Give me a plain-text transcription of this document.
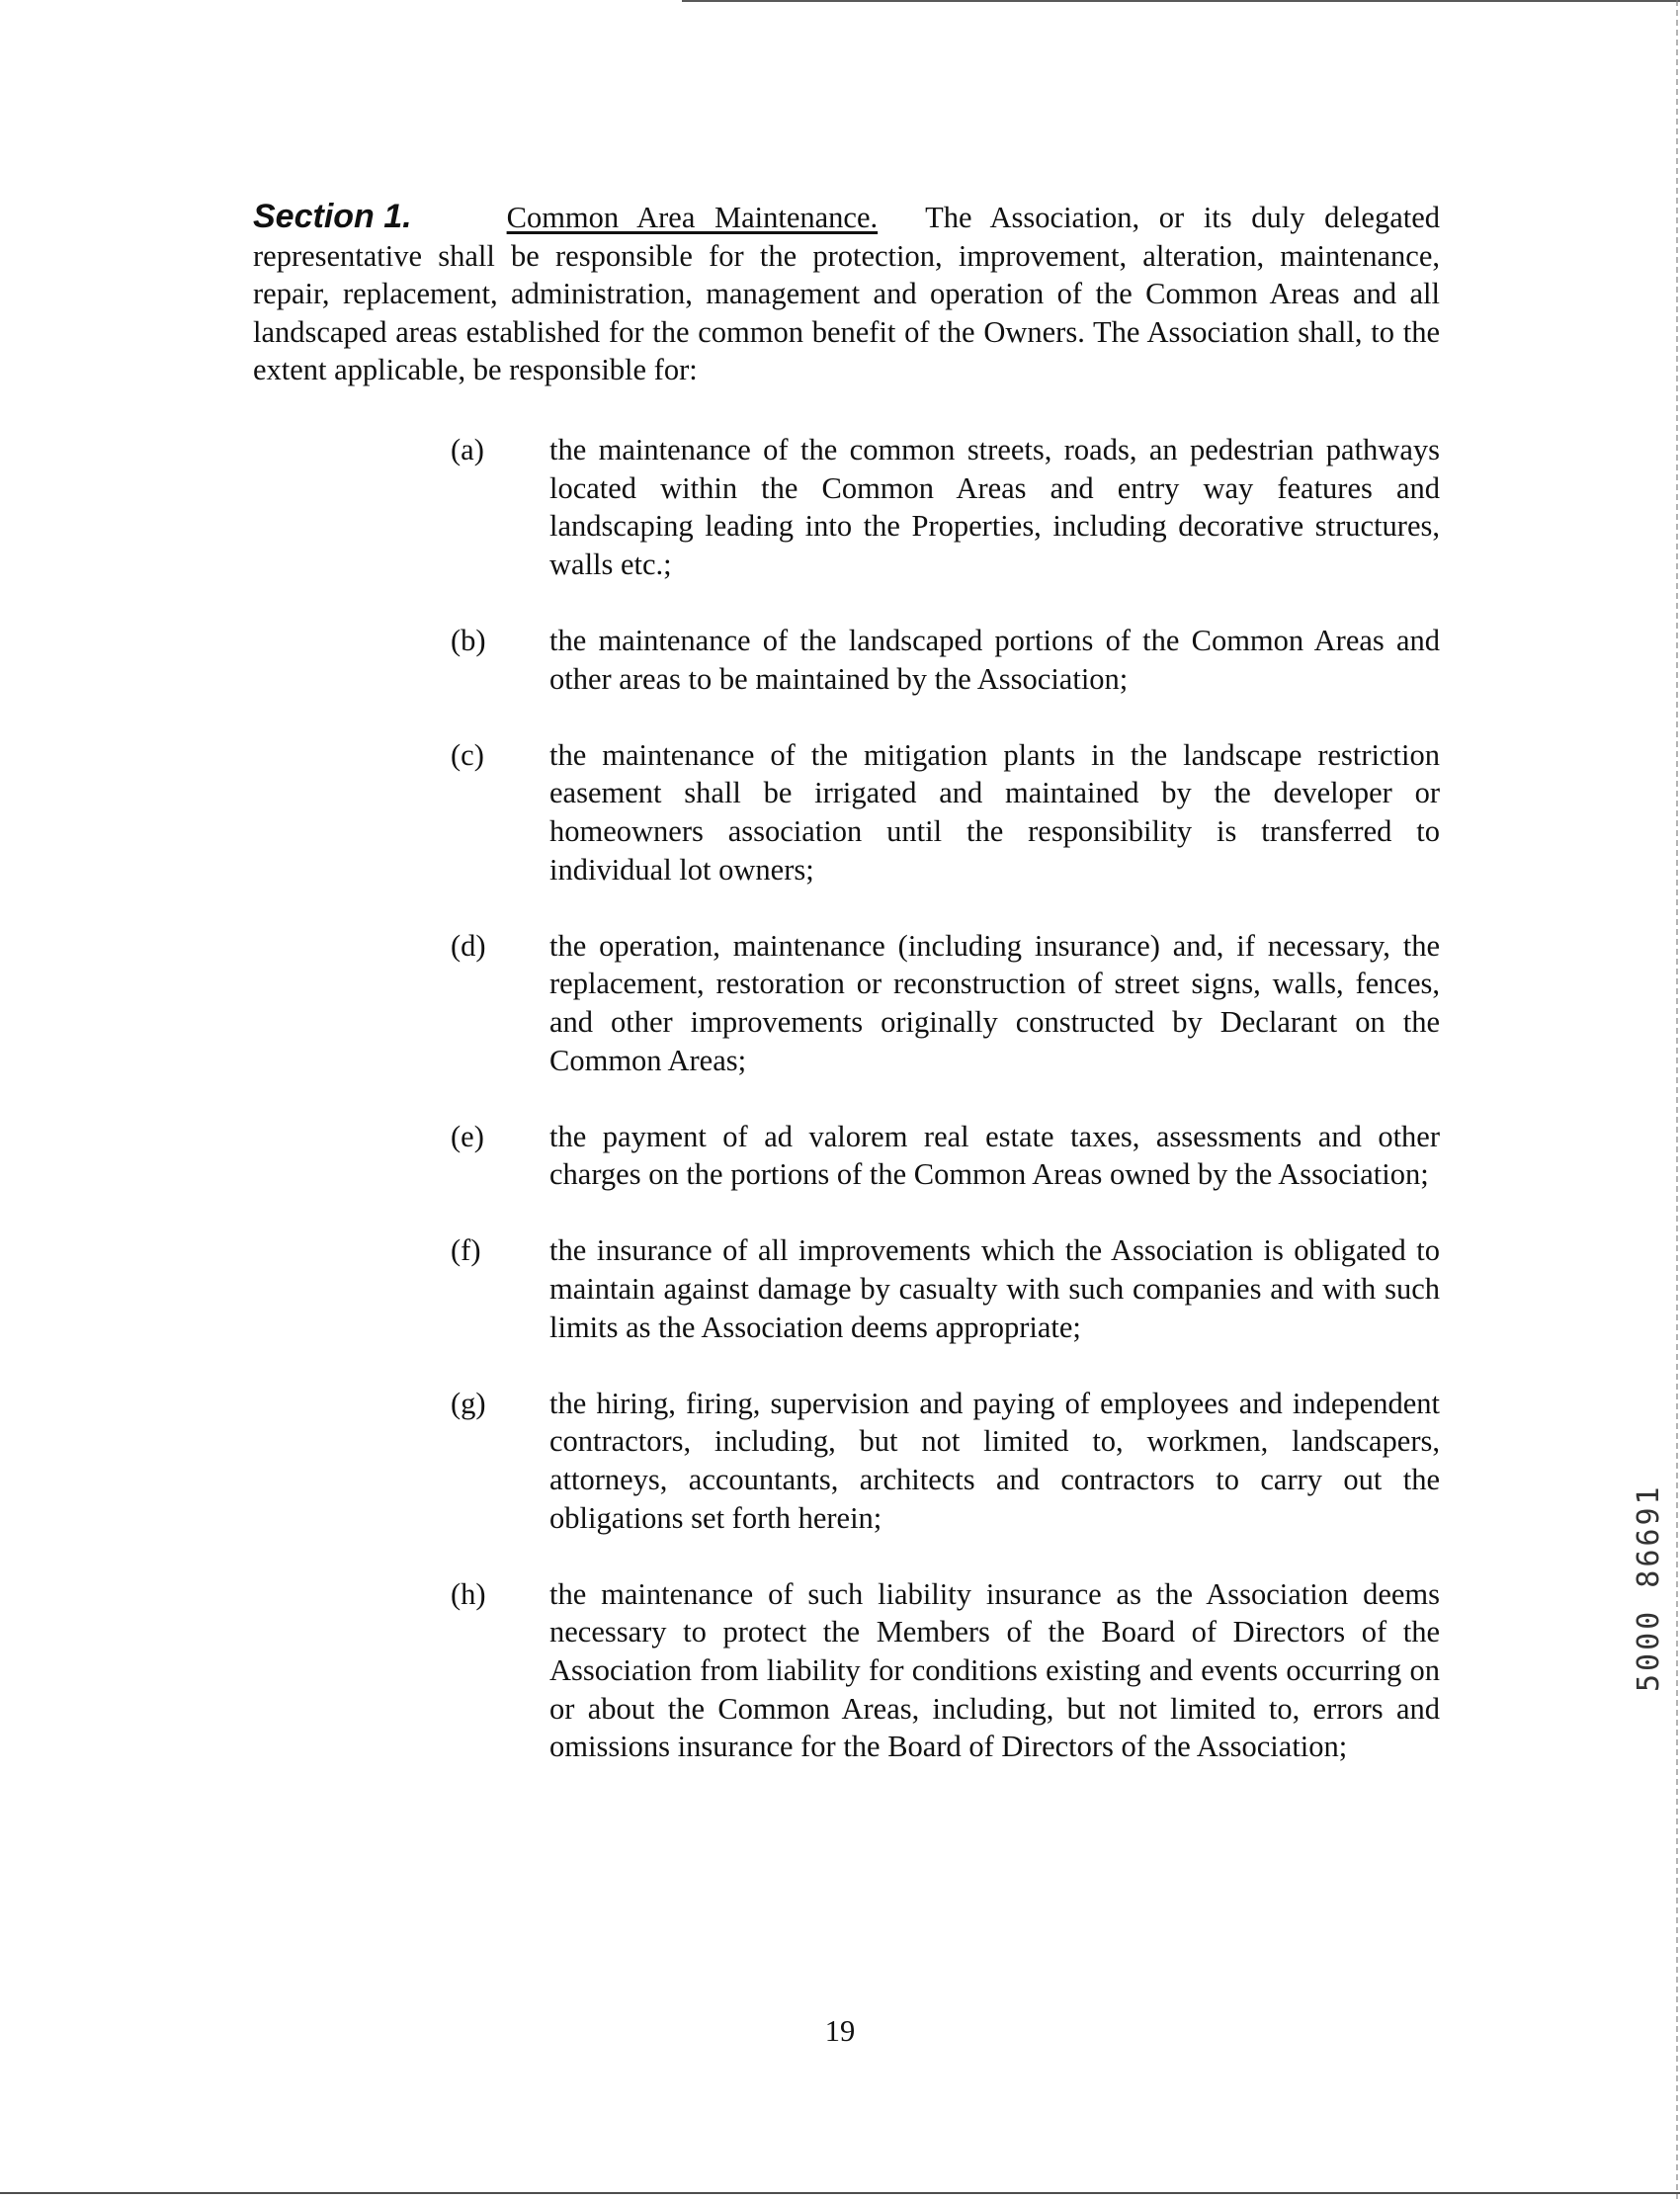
Section 1.	Common Area Maintenance. The Association, or its duly delegated representative shall be responsible for the protection, improvement, alteration, maintenance, repair, replacement, administration, management and operation of the Common Areas and all landscaped areas established for the common benefit of the Owners. The Association shall, to the extent applicable, be responsible for:
(a)	the maintenance of the common streets, roads, an pedestrian pathways located within the Common Areas and entry way features and landscaping leading into the Properties, including decorative structures, walls etc.;
(b)	the maintenance of the landscaped portions of the Common Areas and other areas to be maintained by the Association;
(c)	the maintenance of the mitigation plants in the landscape restriction easement shall be irrigated and maintained by the developer or homeowners association until the responsibility is transferred to individual lot owners;
(d)	the operation, maintenance (including insurance) and, if necessary, the replacement, restoration or reconstruction of street signs, walls, fences, and other improvements originally constructed by Declarant on the Common Areas;
(e)	the payment of ad valorem real estate taxes, assessments and other charges on the portions of the Common Areas owned by the Association;
(f)	the insurance of all improvements which the Association is obligated to maintain against damage by casualty with such companies and with such limits as the Association deems appropriate;
(g)	the hiring, firing, supervision and paying of employees and independent contractors, including, but not limited to, workmen, landscapers, attorneys, accountants, architects and contractors to carry out the obligations set forth herein;
(h)	the maintenance of such liability insurance as the Association deems necessary to protect the Members of the Board of Directors of the Association from liability for conditions existing and events occurring on or about the Common Areas, including, but not limited to, errors and omissions insurance for the Board of Directors of the Association;
5000 86691
19
